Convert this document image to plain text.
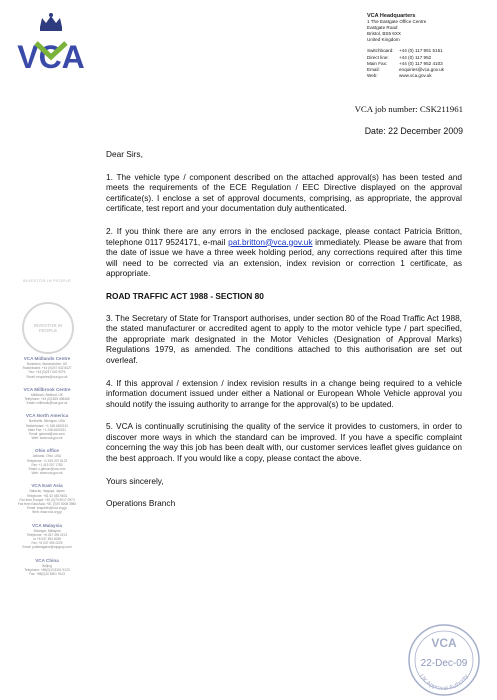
VCA
INVESTOR IN PEOPLE
INVESTOR IN PEOPLE
VCA Midlands Centre
Nuneaton, Warwickshire, UK
Switchboard: +44 (0)247 632 8427
Fax: +44 (0)247 632 9276
Email: enquiries@vca.gov.uk
VCA Millbrook Centre
Millbrook, Bedford, UK
Telephone: +44 (0)1525 408466
Email: millbrook@vca.gov.uk
VCA North America
Northville, Michigan, USA
Switchboard: +1 248 4600151
Main Fax: +1 248 4600151
Email: general@vca.com
Web: www.vca.gov.uk
Ohio office
Ashland, Ohio, USA
Telephone: +1 419 207 8123
Fax: +1 419 207 1783
Email: c.gibson@vca.com
Web: www.vca.gov.uk
VCA East Asia
Naka-ku, Nagoya, Japan
Telephone: +81 52 683 9831
Fax from Europe: +81 (0)70 5017 0974
Fax from East Asia: +81 (0)70 5008 3980
Email: enquiries@vca.org.jp
Web: www.vca.org.jp
VCA Malaysia
Selangor, Malaysia
Telephone: +6 037 494 0221
or +6 037 494 4068
Fax: +6 037 494 0225
Email: putbestgatoe@mpgrup.com
VCA China
Beijing
Telephone: +86(0)10 8301 9123
Fax: +86(0)10 8301 9123
VCA Headquarters
1 The Eastgate Office Centre
Eastgate Road
Bristol, BS5 6XX
United Kingdom
Switchboard:	+44 (0) 117 951 5151
Direct line:	+44 (0) 117 952
Main Fax:	+44 (0) 117 952 4103
Email:	enquiries@vca.gov.uk
Web:	www.vca.gov.uk
VCA job number: CSK211961
Date: 22 December 2009

Dear Sirs,

1. The vehicle type / component described on the attached approval(s) has been tested and meets the requirements of the ECE Regulation / EEC Directive displayed on the approval certificate(s). I enclose a set of approval documents, comprising, as appropriate, the approval certificate, test report and your documentation duly authenticated.

2. If you think there are any errors in the enclosed package, please contact Patricia Britton, telephone 0117 9524171, e-mail pat.britton@vca.gov.uk immediately. Please be aware that from the date of issue we have a three week holding period, any corrections required after this time will need to be corrected via an extension, index revision or correction 1 certificate, as appropriate.

ROAD TRAFFIC ACT 1988 - SECTION 80

3. The Secretary of State for Transport authorises, under section 80 of the Road Traffic Act 1988, the stated manufacturer or accredited agent to apply to the motor vehicle type / part specified, the appropriate mark designated in the Motor Vehicles (Designation of Approval Marks) Regulations 1979, as amended. The conditions attached to this authorisation are set out overleaf.

4. If this approval / extension / index revision results in a change being required to a vehicle information document issued under either a National or European Whole Vehicle approval you should notify the issuing authority to arrange for the approval(s) to be updated.

5. VCA is continually scrutinising the quality of the service it provides to customers, in order to discover more ways in which the standard can be improved. If you have a specific complaint concerning the way this job has been dealt with, our customer services leaflet gives guidance on the best approach. If you would like a copy, please contact the above.

Yours sincerely,

Operations Branch

VCA
22-Dec-09
UK Approval Authority
